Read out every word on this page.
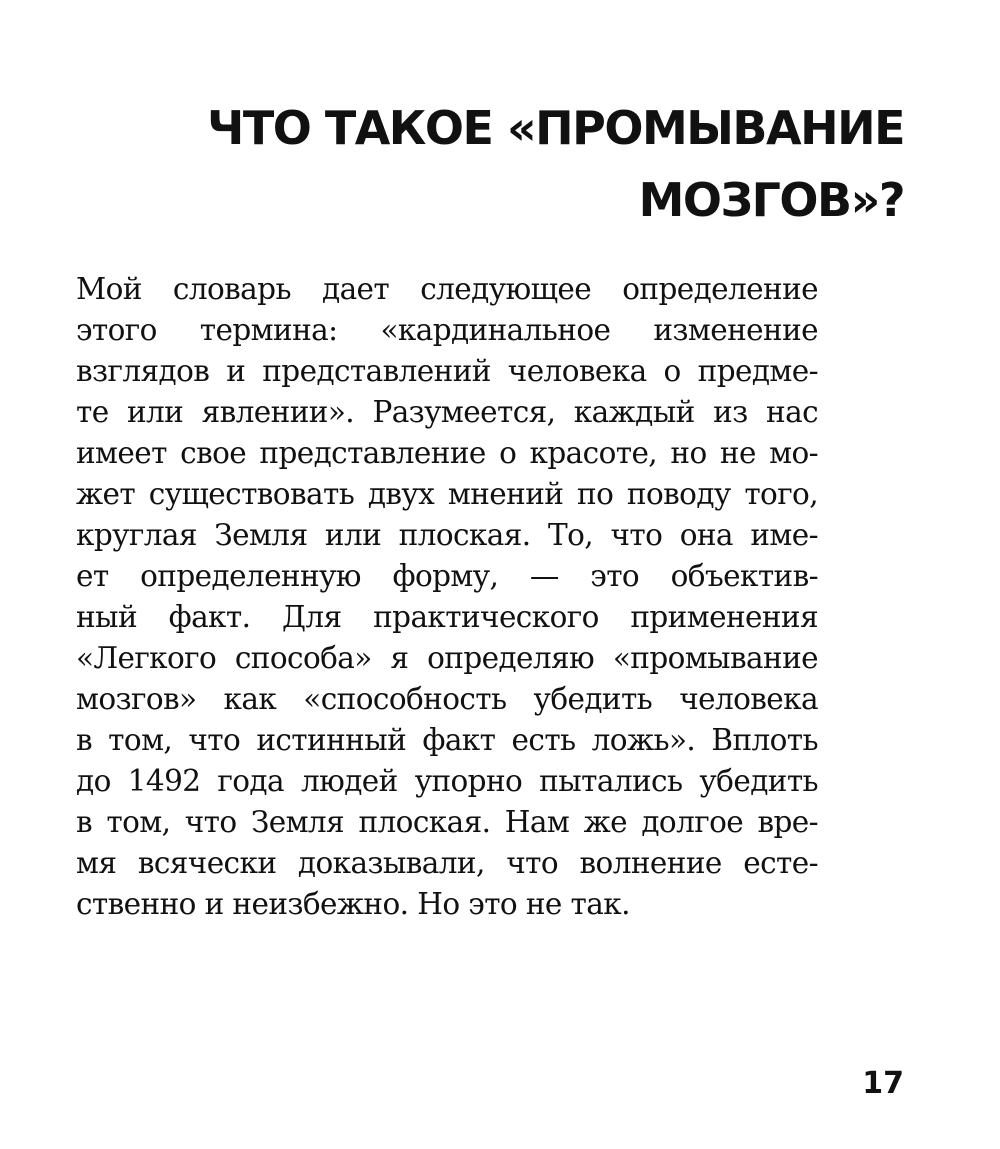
ЧТО ТАКОЕ «ПРОМЫВАНИЕ
МОЗГОВ»?
Мой словарь дает следующее определение
этого термина: «кардинальное изменение
взглядов и представлений человека о предме-
те или явлении». Разумеется, каждый из нас
имеет свое представление о красоте, но не мо-
жет существовать двух мнений по поводу того,
круглая Земля или плоская. То, что она име-
ет определенную форму, — это объектив-
ный факт. Для практического применения
«Легкого способа» я определяю «промывание
мозгов» как «способность убедить человека
в том, что истинный факт есть ложь». Вплоть
до 1492 года людей упорно пытались убедить
в том, что Земля плоская. Нам же долгое вре-
мя всячески доказывали, что волнение есте-
ственно и неизбежно. Но это не так.

17
